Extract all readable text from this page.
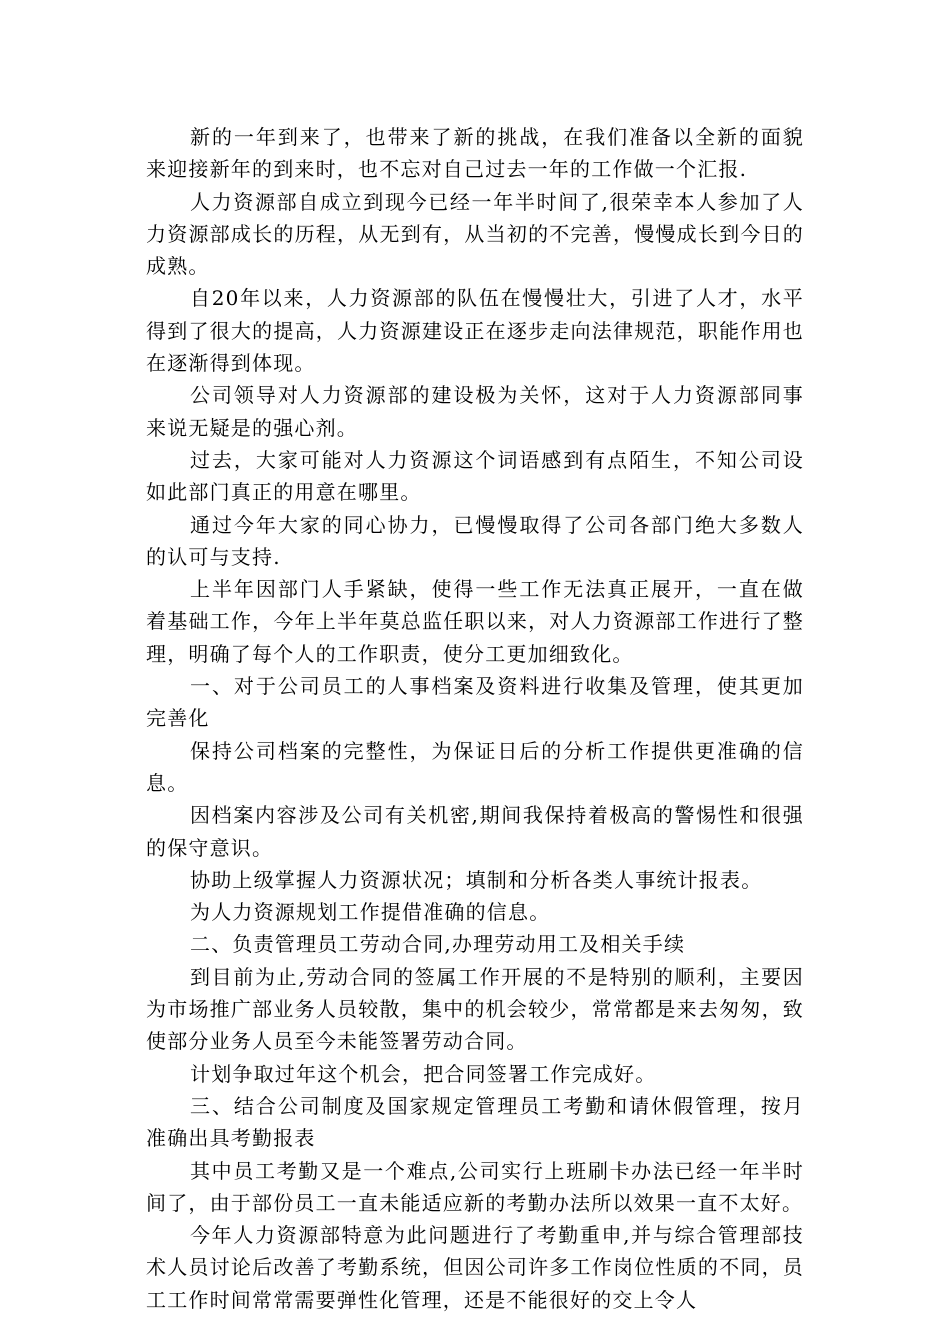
新的一年到来了，也带来了新的挑战，在我们准备以全新的面貌来迎接新年的到来时，也不忘对自己过去一年的工作做一个汇报.

人力资源部自成立到现今已经一年半时间了,很荣幸本人参加了人力资源部成长的历程，从无到有，从当初的不完善，慢慢成长到今日的成熟。

自20年以来，人力资源部的队伍在慢慢壮大，引进了人才，水平得到了很大的提高，人力资源建设正在逐步走向法律规范，职能作用也在逐渐得到体现。

公司领导对人力资源部的建设极为关怀，这对于人力资源部同事来说无疑是的强心剂。

过去，大家可能对人力资源这个词语感到有点陌生，不知公司设如此部门真正的用意在哪里。

通过今年大家的同心协力，已慢慢取得了公司各部门绝大多数人的认可与支持.

上半年因部门人手紧缺，使得一些工作无法真正展开，一直在做着基础工作，今年上半年莫总监任职以来，对人力资源部工作进行了整理，明确了每个人的工作职责，使分工更加细致化。

一、对于公司员工的人事档案及资料进行收集及管理，使其更加完善化

保持公司档案的完整性，为保证日后的分析工作提供更准确的信息。

因档案内容涉及公司有关机密,期间我保持着极高的警惕性和很强的保守意识。

协助上级掌握人力资源状况；填制和分析各类人事统计报表。

为人力资源规划工作提借准确的信息。

二、负责管理员工劳动合同,办理劳动用工及相关手续

到目前为止,劳动合同的签属工作开展的不是特别的顺利，主要因为市场推广部业务人员较散，集中的机会较少，常常都是来去匆匆，致使部分业务人员至今未能签署劳动合同。

计划争取过年这个机会，把合同签署工作完成好。

三、结合公司制度及国家规定管理员工考勤和请休假管理，按月准确出具考勤报表

其中员工考勤又是一个难点,公司实行上班刷卡办法已经一年半时间了，由于部份员工一直未能适应新的考勤办法所以效果一直不太好。

今年人力资源部特意为此问题进行了考勤重申,并与综合管理部技术人员讨论后改善了考勤系统，但因公司许多工作岗位性质的不同，员工工作时间常常需要弹性化管理，还是不能很好的交上令人
